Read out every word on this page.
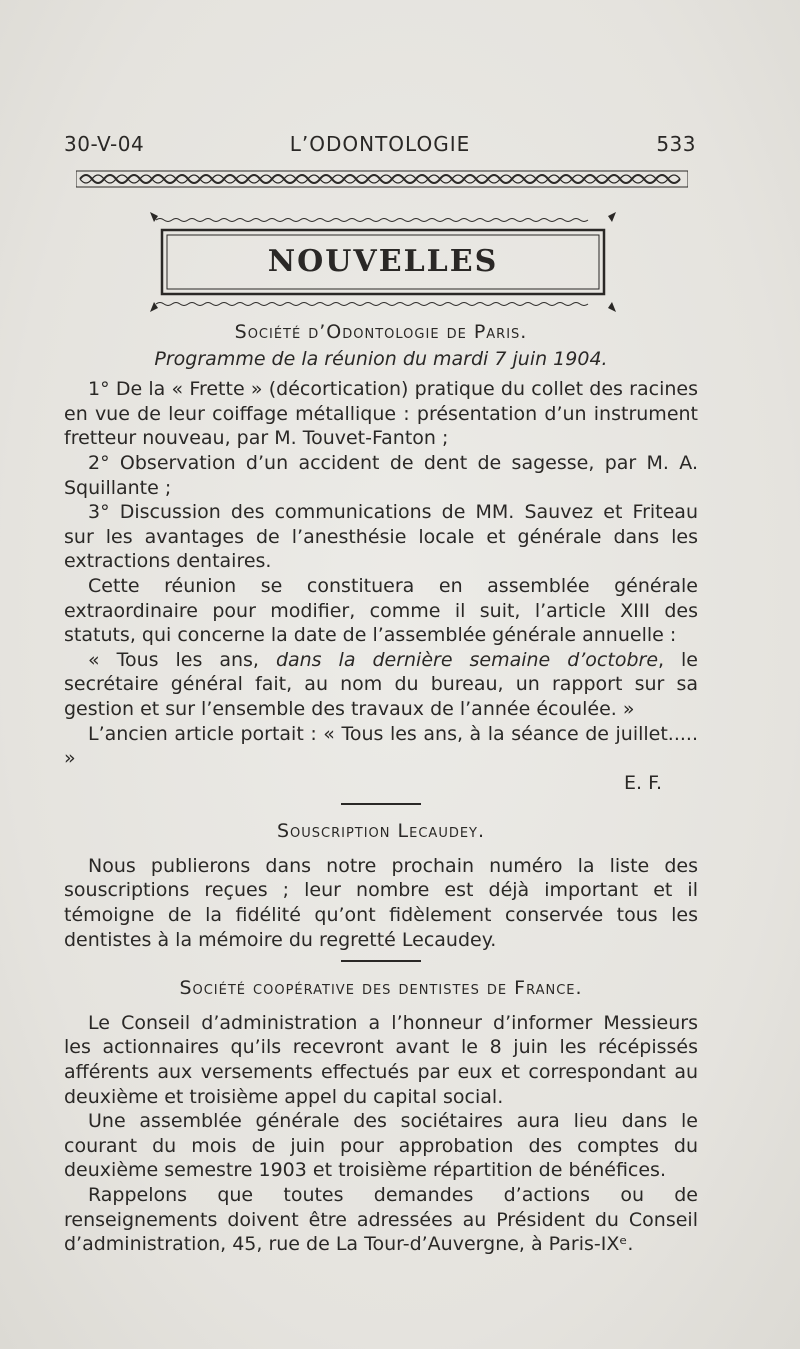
30-V-04	L’ODONTOLOGIE	533
NOUVELLES
Société d’Odontologie de Paris.
Programme de la réunion du mardi 7 juin 1904.

1° De la « Frette » (décortication) pratique du collet des racines en vue de leur coiffage métallique : présentation d’un instrument fretteur nouveau, par M. Touvet-Fanton ;

2° Observation d’un accident de dent de sagesse, par M. A. Squillante ;

3° Discussion des communications de MM. Sauvez et Friteau sur les avantages de l’anesthésie locale et générale dans les extractions dentaires.

Cette réunion se constituera en assemblée générale extraordinaire pour modifier, comme il suit, l’article XIII des statuts, qui concerne la date de l’assemblée générale annuelle :

« Tous les ans, dans la dernière semaine d’octobre, le secrétaire général fait, au nom du bureau, un rapport sur sa gestion et sur l’ensemble des travaux de l’année écoulée. »

L’ancien article portait : « Tous les ans, à la séance de juillet..... »

E. F.

Souscription Lecaudey.

Nous publierons dans notre prochain numéro la liste des souscriptions reçues ; leur nombre est déjà important et il témoigne de la fidélité qu’ont fidèlement conservée tous les dentistes à la mémoire du regretté Lecaudey.

Société coopérative des dentistes de France.

Le Conseil d’administration a l’honneur d’informer Messieurs les actionnaires qu’ils recevront avant le 8 juin les récépissés afférents aux versements effectués par eux et correspondant au deuxième et troisième appel du capital social.

Une assemblée générale des sociétaires aura lieu dans le courant du mois de juin pour approbation des comptes du deuxième semestre 1903 et troisième répartition de bénéfices.

Rappelons que toutes demandes d’actions ou de renseignements doivent être adressées au Président du Conseil d’administration, 45, rue de La Tour-d’Auvergne, à Paris-IXᵉ.
